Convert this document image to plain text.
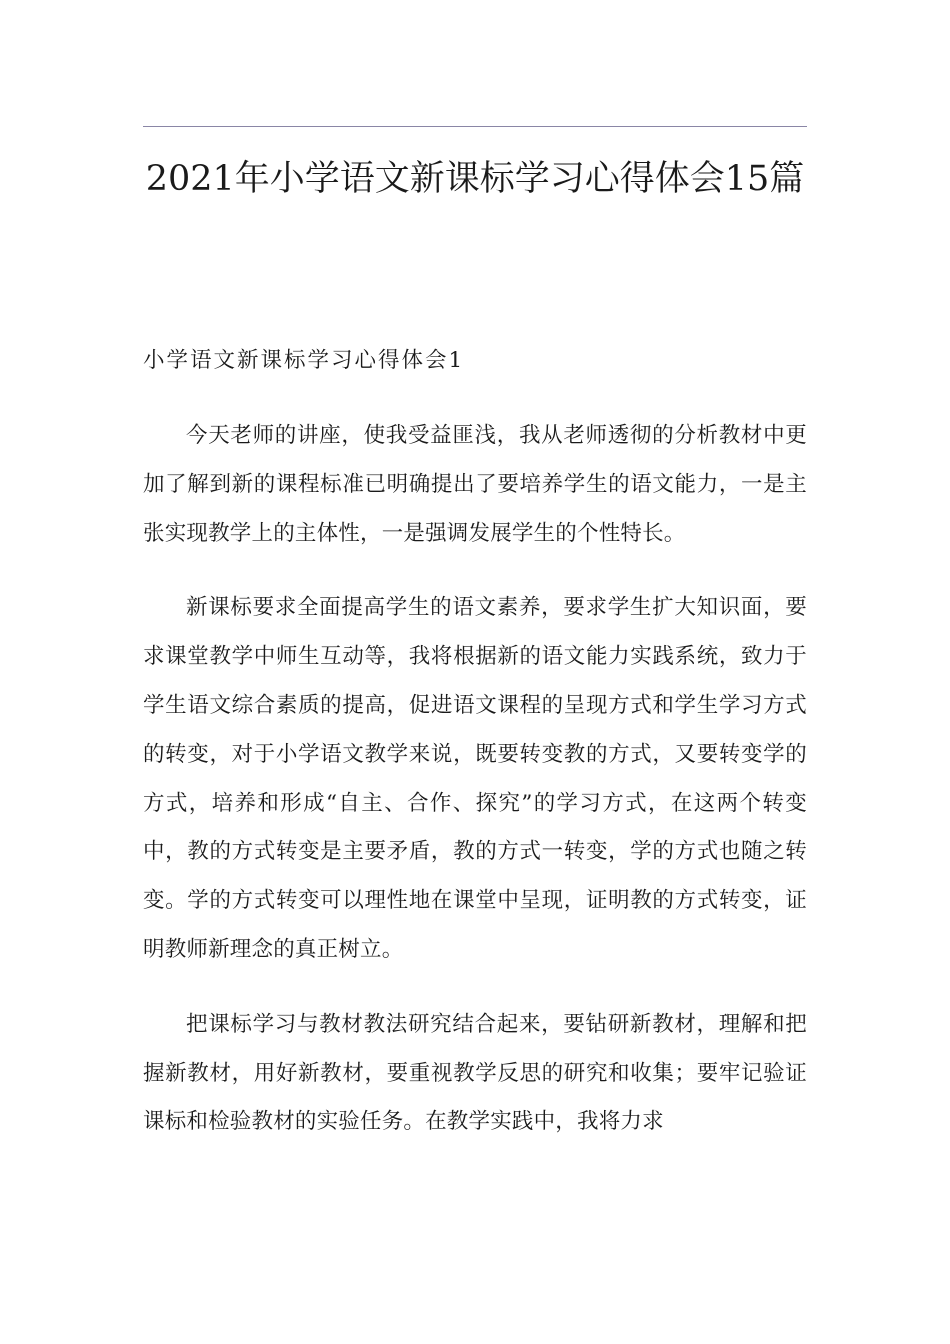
2021年小学语文新课标学习心得体会15篇
小学语文新课标学习心得体会1

今天老师的讲座，使我受益匪浅，我从老师透彻的分析教材中更加了解到新的课程标准已明确提出了要培养学生的语文能力，一是主张实现教学上的主体性，一是强调发展学生的个性特长。

新课标要求全面提高学生的语文素养，要求学生扩大知识面，要求课堂教学中师生互动等，我将根据新的语文能力实践系统，致力于学生语文综合素质的提高，促进语文课程的呈现方式和学生学习方式的转变，对于小学语文教学来说，既要转变教的方式，又要转变学的方式，培养和形成“自主、合作、探究”的学习方式，在这两个转变中，教的方式转变是主要矛盾，教的方式一转变，学的方式也随之转变。学的方式转变可以理性地在课堂中呈现，证明教的方式转变，证明教师新理念的真正树立。

把课标学习与教材教法研究结合起来，要钻研新教材，理解和把握新教材，用好新教材，要重视教学反思的研究和收集；要牢记验证课标和检验教材的实验任务。在教学实践中，我将力求
